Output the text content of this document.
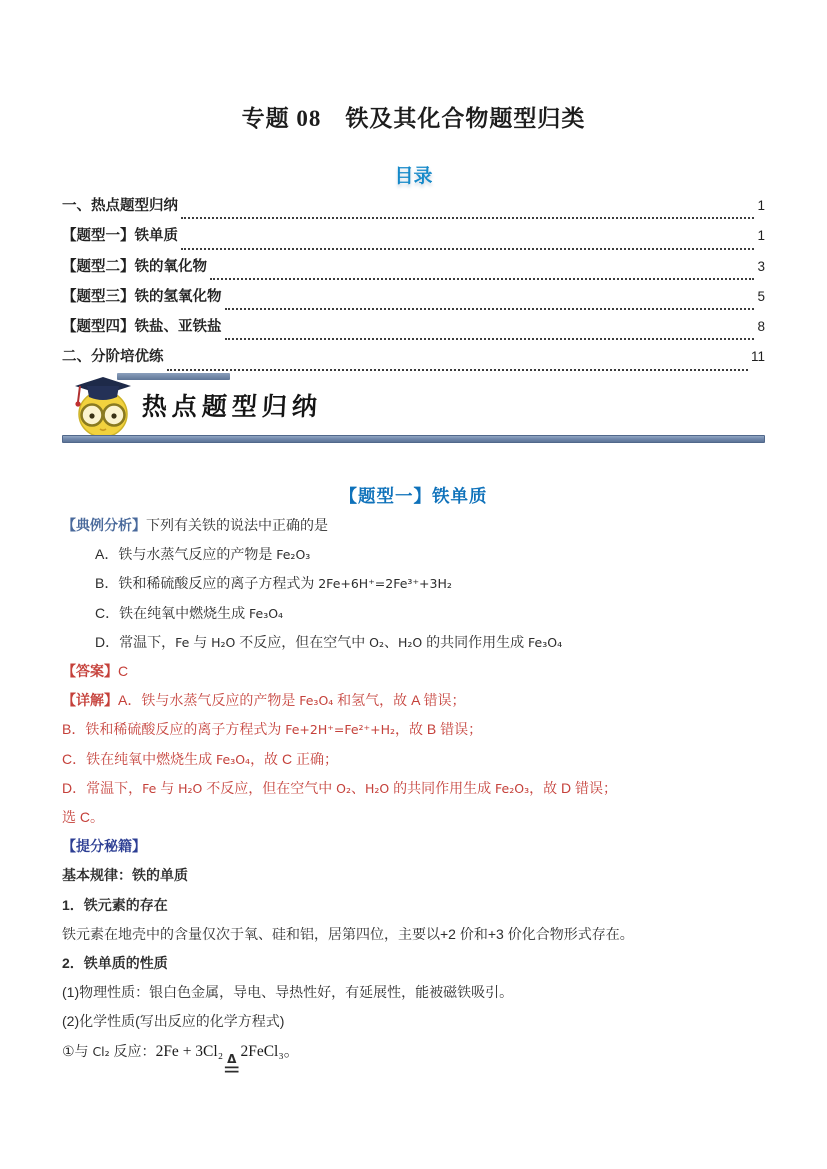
专题 08　铁及其化合物题型归类
目录
一、热点题型归纳	1
【题型一】铁单质	1
【题型二】铁的氧化物	3
【题型三】铁的氢氧化物	5
【题型四】铁盐、亚铁盐	8
二、分阶培优练	11
热点题型归纳
【题型一】铁单质
【典例分析】下列有关铁的说法中正确的是
A．铁与水蒸气反应的产物是 Fe₂O₃
B．铁和稀硫酸反应的离子方程式为 2Fe+6H⁺=2Fe³⁺+3H₂
C．铁在纯氧中燃烧生成 Fe₃O₄
D．常温下，Fe 与 H₂O 不反应，但在空气中 O₂、H₂O 的共同作用生成 Fe₃O₄
【答案】C
【详解】A．铁与水蒸气反应的产物是 Fe₃O₄ 和氢气，故 A 错误；
B．铁和稀硫酸反应的离子方程式为 Fe+2H⁺=Fe²⁺+H₂，故 B 错误；
C．铁在纯氧中燃烧生成 Fe₃O₄，故 C 正确；
D．常温下，Fe 与 H₂O 不反应，但在空气中 O₂、H₂O 的共同作用生成 Fe₂O₃，故 D 错误；
选 C。
【提分秘籍】
基本规律：铁的单质
1．铁元素的存在
铁元素在地壳中的含量仅次于氧、硅和铝，居第四位，主要以+2 价和+3 价化合物形式存在。
2．铁单质的性质
(1)物理性质：银白色金属，导电、导热性好，有延展性，能被磁铁吸引。
(2)化学性质(写出反应的化学方程式)
①与 Cl₂ 反应：2Fe + 3Cl₂ Δ
=
2FeCl₃。
